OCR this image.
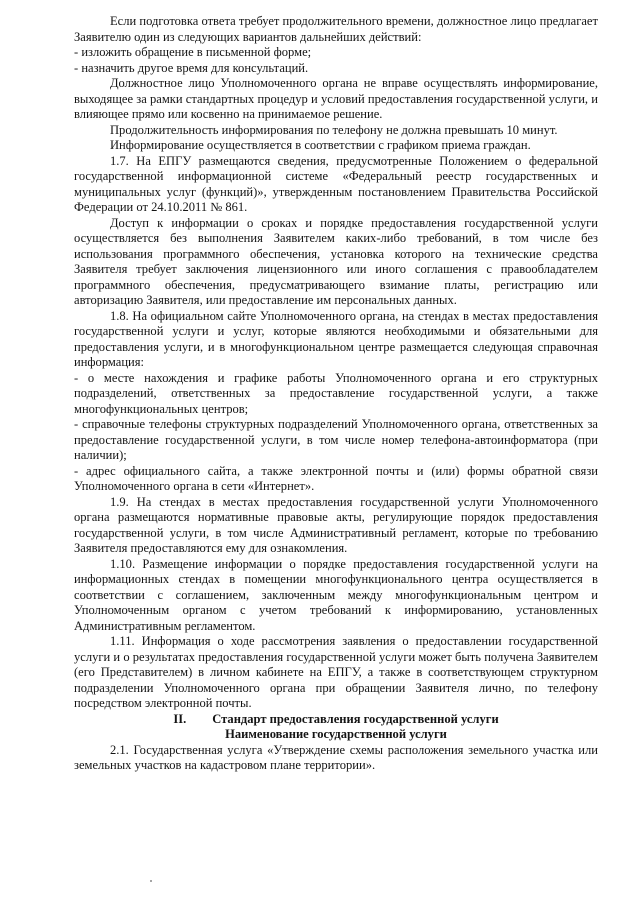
Если подготовка ответа требует продолжительного времени, должностное лицо предлагает Заявителю один из следующих вариантов дальнейших действий:

- изложить обращение в письменной форме;

- назначить другое время для консультаций.

Должностное лицо Уполномоченного органа не вправе осуществлять информирование, выходящее за рамки стандартных процедур и условий предоставления государственной услуги, и влияющее прямо или косвенно на принимаемое решение.

Продолжительность информирования по телефону не должна превышать 10 минут.

Информирование осуществляется в соответствии с графиком приема граждан.

1.7. На ЕПГУ размещаются сведения, предусмотренные Положением о федеральной государственной информационной системе «Федеральный реестр государственных и муниципальных услуг (функций)», утвержденным постановлением Правительства Российской Федерации от 24.10.2011 № 861.

Доступ к информации о сроках и порядке предоставления государственной услуги осуществляется без выполнения Заявителем каких-либо требований, в том числе без использования программного обеспечения, установка которого на технические средства Заявителя требует заключения лицензионного или иного соглашения с правообладателем программного обеспечения, предусматривающего взимание платы, регистрацию или авторизацию Заявителя, или предоставление им персональных данных.

1.8. На официальном сайте Уполномоченного органа, на стендах в местах предоставления государственной услуги и услуг, которые являются необходимыми и обязательными для предоставления услуги, и в многофункциональном центре размещается следующая справочная информация:

- о месте нахождения и графике работы Уполномоченного органа и его структурных подразделений, ответственных за предоставление государственной услуги, а также многофункциональных центров;

- справочные телефоны структурных подразделений Уполномоченного органа, ответственных за предоставление государственной услуги, в том числе номер телефона-автоинформатора (при наличии);

- адрес официального сайта, а также электронной почты и (или) формы обратной связи Уполномоченного органа в сети «Интернет».

1.9. На стендах в местах предоставления государственной услуги Уполномоченного органа размещаются нормативные правовые акты, регулирующие порядок предоставления государственной услуги, в том числе Административный регламент, которые по требованию Заявителя предоставляются ему для ознакомления.

1.10. Размещение информации о порядке предоставления государственной услуги на информационных стендах в помещении многофункционального центра осуществляется в соответствии с соглашением, заключенным между многофункциональным центром и Уполномоченным органом с учетом требований к информированию, установленных Административным регламентом.

1.11. Информация о ходе рассмотрения заявления о предоставлении государственной услуги и о результатах предоставления государственной услуги может быть получена Заявителем (его Представителем) в личном кабинете на ЕПГУ, а также в соответствующем структурном подразделении Уполномоченного органа при обращении Заявителя лично, по телефону посредством электронной почты.

II. Стандарт предоставления государственной услуги

Наименование государственной услуги

2.1. Государственная услуга «Утверждение схемы расположения земельного участка или земельных участков на кадастровом плане территории».
